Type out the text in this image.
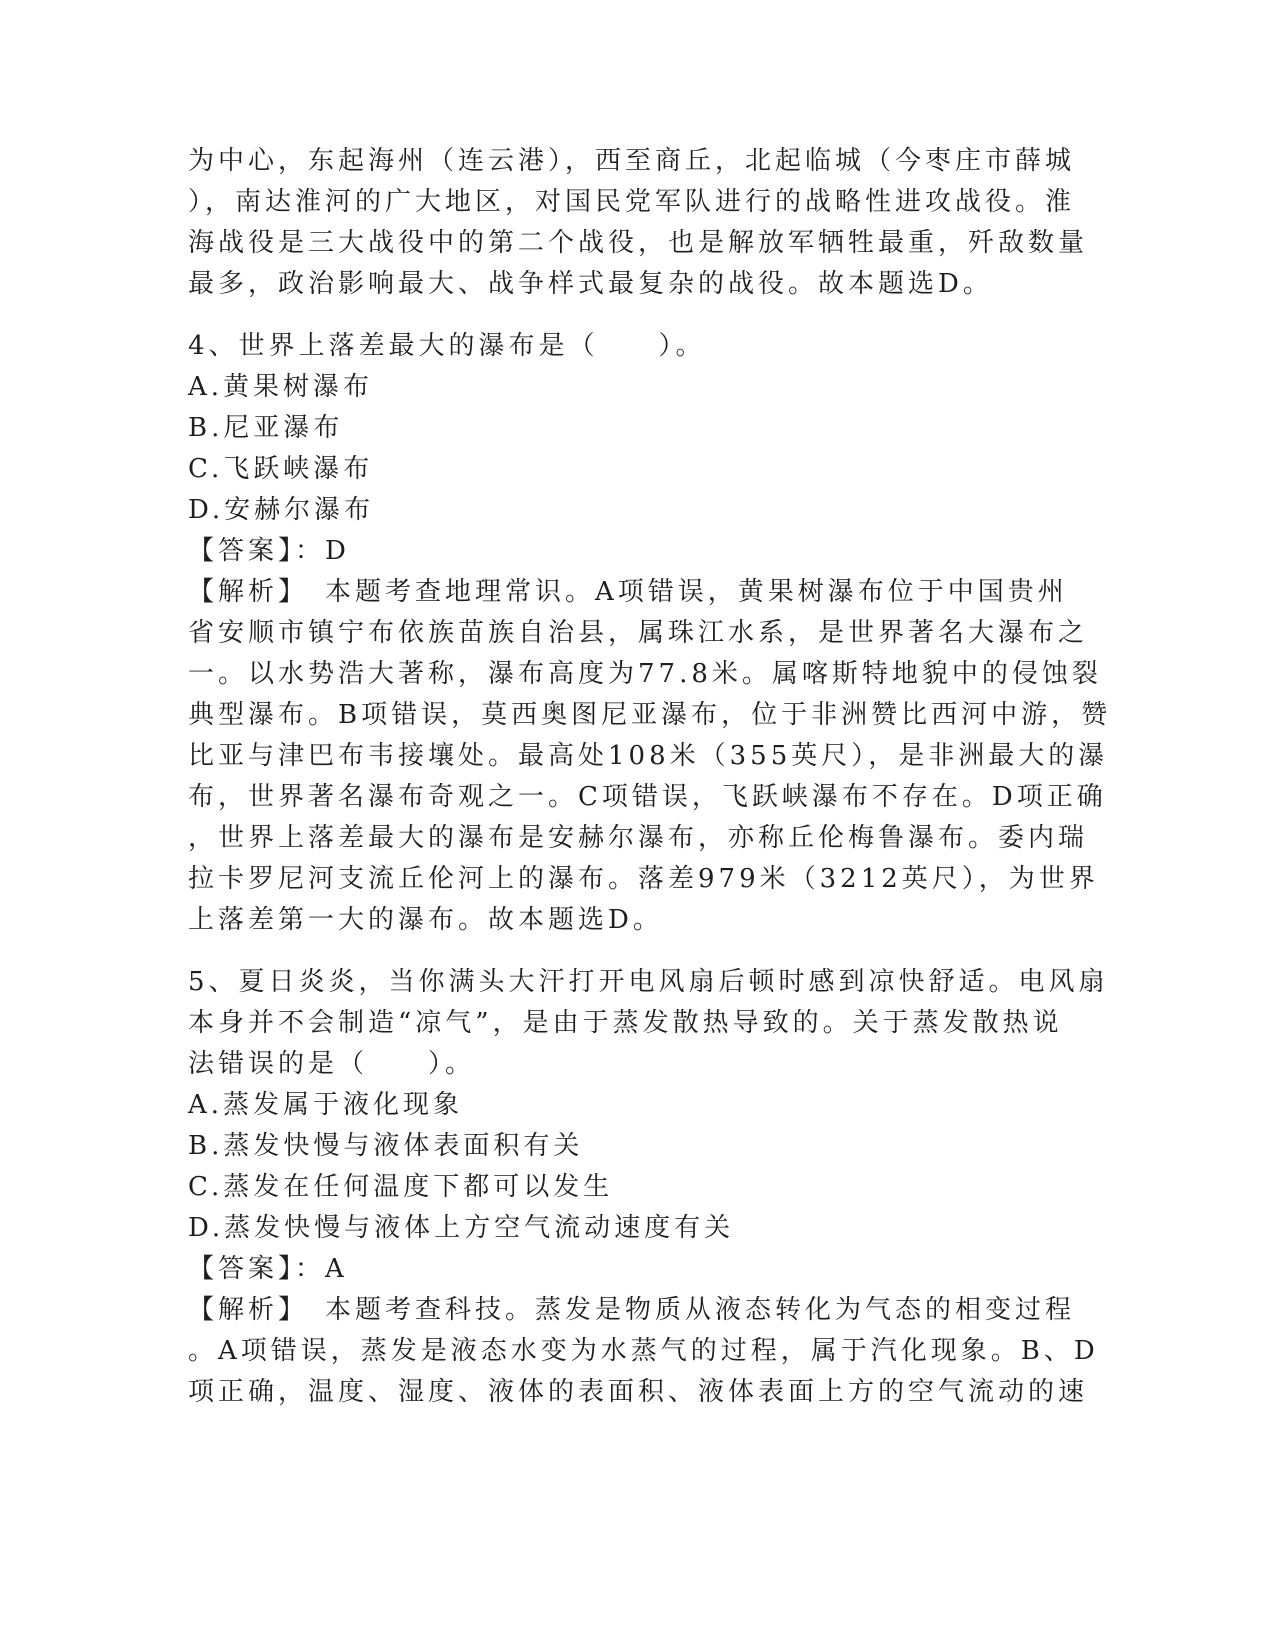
为中心，东起海州（连云港），西至商丘，北起临城（今枣庄市薛城
），南达淮河的广大地区，对国民党军队进行的战略性进攻战役。淮
海战役是三大战役中的第二个战役，也是解放军牺牲最重，歼敌数量
最多，政治影响最大、战争样式最复杂的战役。故本题选D。
4、世界上落差最大的瀑布是（　　）。
A.黄果树瀑布
B.尼亚瀑布
C.飞跃峡瀑布
D.安赫尔瀑布
【答案】：D
【解析】　本题考查地理常识。A项错误，黄果树瀑布位于中国贵州
省安顺市镇宁布依族苗族自治县，属珠江水系，是世界著名大瀑布之
一。以水势浩大著称，瀑布高度为77.8米。属喀斯特地貌中的侵蚀裂
典型瀑布。B项错误，莫西奥图尼亚瀑布，位于非洲赞比西河中游，赞
比亚与津巴布韦接壤处。最高处108米（355英尺），是非洲最大的瀑
布，世界著名瀑布奇观之一。C项错误，飞跃峡瀑布不存在。D项正确
，世界上落差最大的瀑布是安赫尔瀑布，亦称丘伦梅鲁瀑布。委内瑞
拉卡罗尼河支流丘伦河上的瀑布。落差979米（3212英尺），为世界
上落差第一大的瀑布。故本题选D。
5、夏日炎炎，当你满头大汗打开电风扇后顿时感到凉快舒适。电风扇
本身并不会制造“凉气”，是由于蒸发散热导致的。关于蒸发散热说
法错误的是（　　）。
A.蒸发属于液化现象
B.蒸发快慢与液体表面积有关
C.蒸发在任何温度下都可以发生
D.蒸发快慢与液体上方空气流动速度有关
【答案】：A
【解析】　本题考查科技。蒸发是物质从液态转化为气态的相变过程
。A项错误，蒸发是液态水变为水蒸气的过程，属于汽化现象。B、D
项正确，温度、湿度、液体的表面积、液体表面上方的空气流动的速
